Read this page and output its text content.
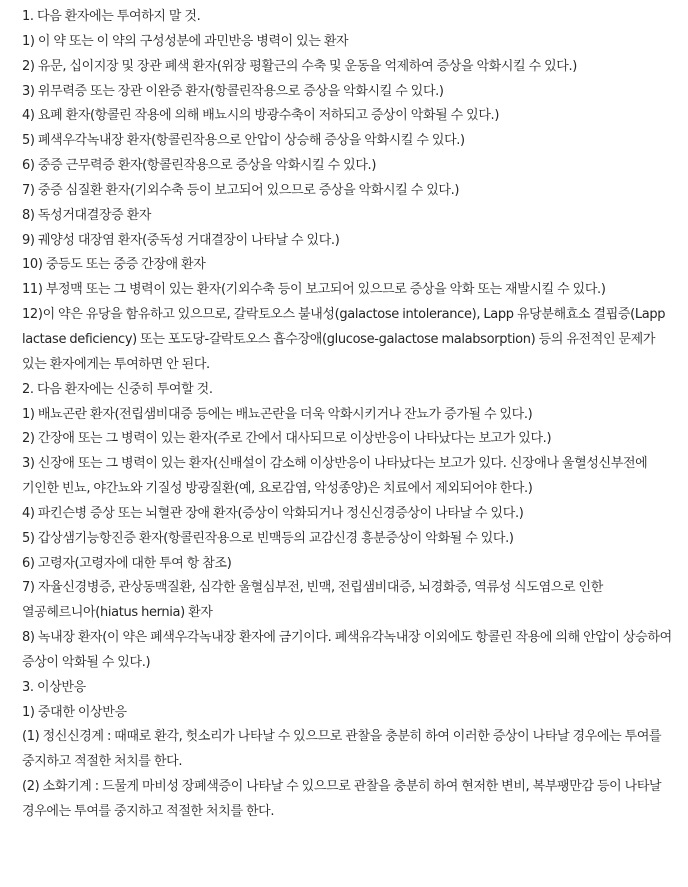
1. 다음 환자에는 투여하지 말 것.

1) 이 약 또는 이 약의 구성성분에 과민반응 병력이 있는 환자

2) 유문, 십이지장 및 장관 폐색 환자(위장 평활근의 수축 및 운동을 억제하여 증상을 악화시킬 수 있다.)

3) 위무력증 또는 장관 이완증 환자(항콜린작용으로 증상을 악화시킬 수 있다.)

4) 요폐 환자(항콜린 작용에 의해 배뇨시의 방광수축이 저하되고 증상이 악화될 수 있다.)

5) 폐색우각녹내장 환자(항콜린작용으로 안압이 상승해 증상을 악화시킬 수 있다.)

6) 중증 근무력증 환자(항콜린작용으로 증상을 악화시킬 수 있다.)

7) 중증 심질환 환자(기외수축 등이 보고되어 있으므로 증상을 악화시킬 수 있다.)

8) 독성거대결장증 환자

9) 궤양성 대장염 환자(중독성 거대결장이 나타날 수 있다.)

10) 중등도 또는 중증 간장애 환자

11) 부정맥 또는 그 병력이 있는 환자(기외수축 등이 보고되어 있으므로 증상을 악화 또는 재발시킬 수 있다.)

12)이 약은 유당을 함유하고 있으므로, 갈락토오스 불내성(galactose intolerance), Lapp 유당분해효소 결핍증(Lapp lactase deficiency) 또는 포도당-갈락토오스 흡수장애(glucose-galactose malabsorption) 등의 유전적인 문제가 있는 환자에게는 투여하면 안 된다.

2. 다음 환자에는 신중히 투여할 것.

1) 배뇨곤란 환자(전립샘비대증 등에는 배뇨곤란을 더욱 악화시키거나 잔뇨가 증가될 수 있다.)

2) 간장애 또는 그 병력이 있는 환자(주로 간에서 대사되므로 이상반응이 나타났다는 보고가 있다.)

3) 신장애 또는 그 병력이 있는 환자(신배설이 감소해 이상반응이 나타났다는 보고가 있다. 신장애나 울혈성신부전에 기인한 빈뇨, 야간뇨와 기질성 방광질환(예, 요로감염, 악성종양)은 치료에서 제외되어야 한다.)

4) 파킨슨병 증상 또는 뇌혈관 장애 환자(증상이 악화되거나 정신신경증상이 나타날 수 있다.)

5) 갑상샘기능항진증 환자(항콜린작용으로 빈맥등의 교감신경 흥분증상이 악화될 수 있다.)

6) 고령자(고령자에 대한 투여 항 참조)

7) 자율신경병증, 관상동맥질환, 심각한 울혈심부전, 빈맥, 전립샘비대증, 뇌경화증, 역류성 식도염으로 인한 열공헤르니아(hiatus hernia) 환자

8) 녹내장 환자(이 약은 폐색우각녹내장 환자에 금기이다. 폐색유각녹내장 이외에도 항콜린 작용에 의해 안압이 상승하여 증상이 악화될 수 있다.)

3. 이상반응

1) 중대한 이상반응

(1) 정신신경계 : 때때로 환각, 헛소리가 나타날 수 있으므로 관찰을 충분히 하여 이러한 증상이 나타날 경우에는 투여를 중지하고 적절한 처치를 한다.

(2) 소화기계 : 드물게 마비성 장폐색증이 나타날 수 있으므로 관찰을 충분히 하여 현저한 변비, 복부팽만감 등이 나타날 경우에는 투여를 중지하고 적절한 처치를 한다.
